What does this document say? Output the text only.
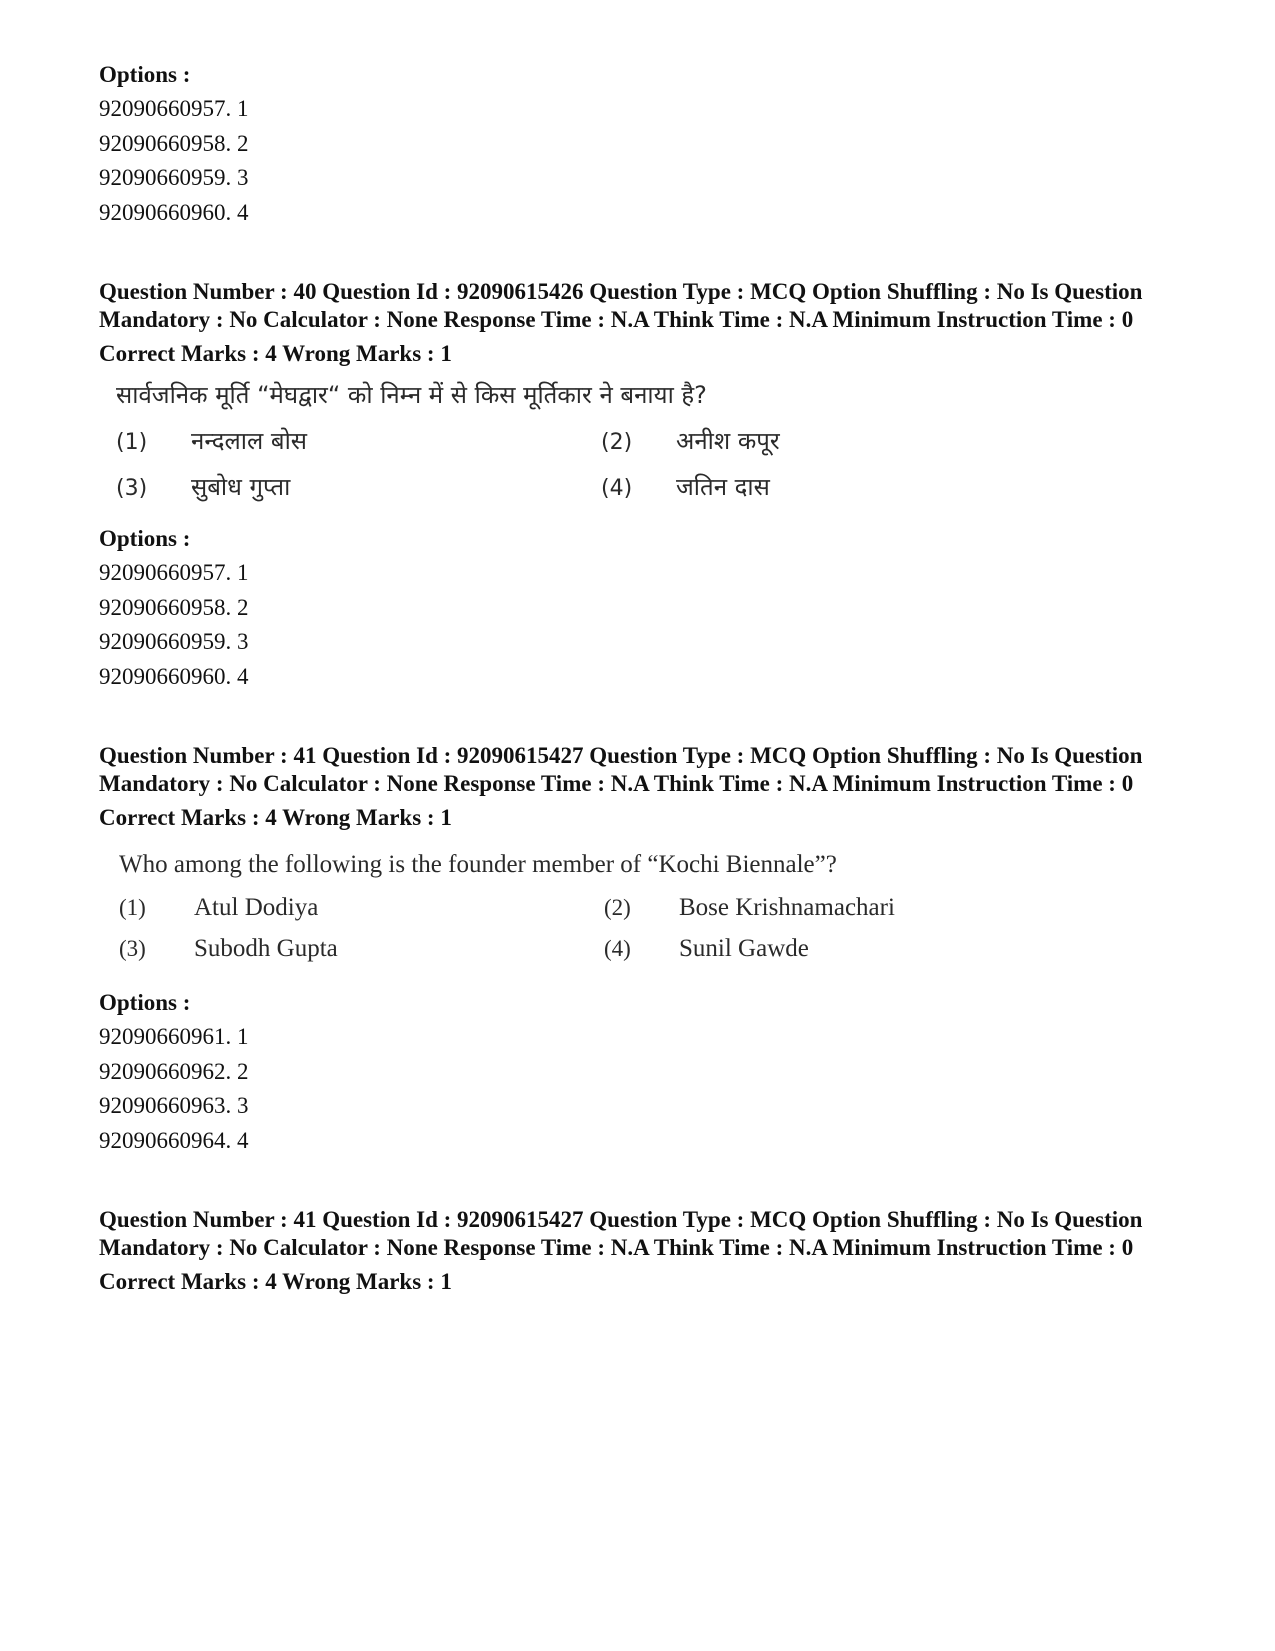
Options :
92090660957. 1
92090660958. 2
92090660959. 3
92090660960. 4
Question Number : 40 Question Id : 92090615426 Question Type : MCQ Option Shuffling : No Is Question Mandatory : No Calculator : None Response Time : N.A Think Time : N.A Minimum Instruction Time : 0
Correct Marks : 4 Wrong Marks : 1
सार्वजनिक मूर्ति “मेघद्वार“ को निम्न में से किस मूर्तिकार ने बनाया है?
(1)	नन्दलाल बोस	(2)	अनीश कपूर
(3)	सुबोध गुप्ता	(4)	जतिन दास
Options :
92090660957. 1
92090660958. 2
92090660959. 3
92090660960. 4
Question Number : 41 Question Id : 92090615427 Question Type : MCQ Option Shuffling : No Is Question Mandatory : No Calculator : None Response Time : N.A Think Time : N.A Minimum Instruction Time : 0
Correct Marks : 4 Wrong Marks : 1
Who among the following is the founder member of “Kochi Biennale”?
(1)	Atul Dodiya	(2)	Bose Krishnamachari
(3)	Subodh Gupta	(4)	Sunil Gawde
Options :
92090660961. 1
92090660962. 2
92090660963. 3
92090660964. 4
Question Number : 41 Question Id : 92090615427 Question Type : MCQ Option Shuffling : No Is Question Mandatory : No Calculator : None Response Time : N.A Think Time : N.A Minimum Instruction Time : 0
Correct Marks : 4 Wrong Marks : 1
